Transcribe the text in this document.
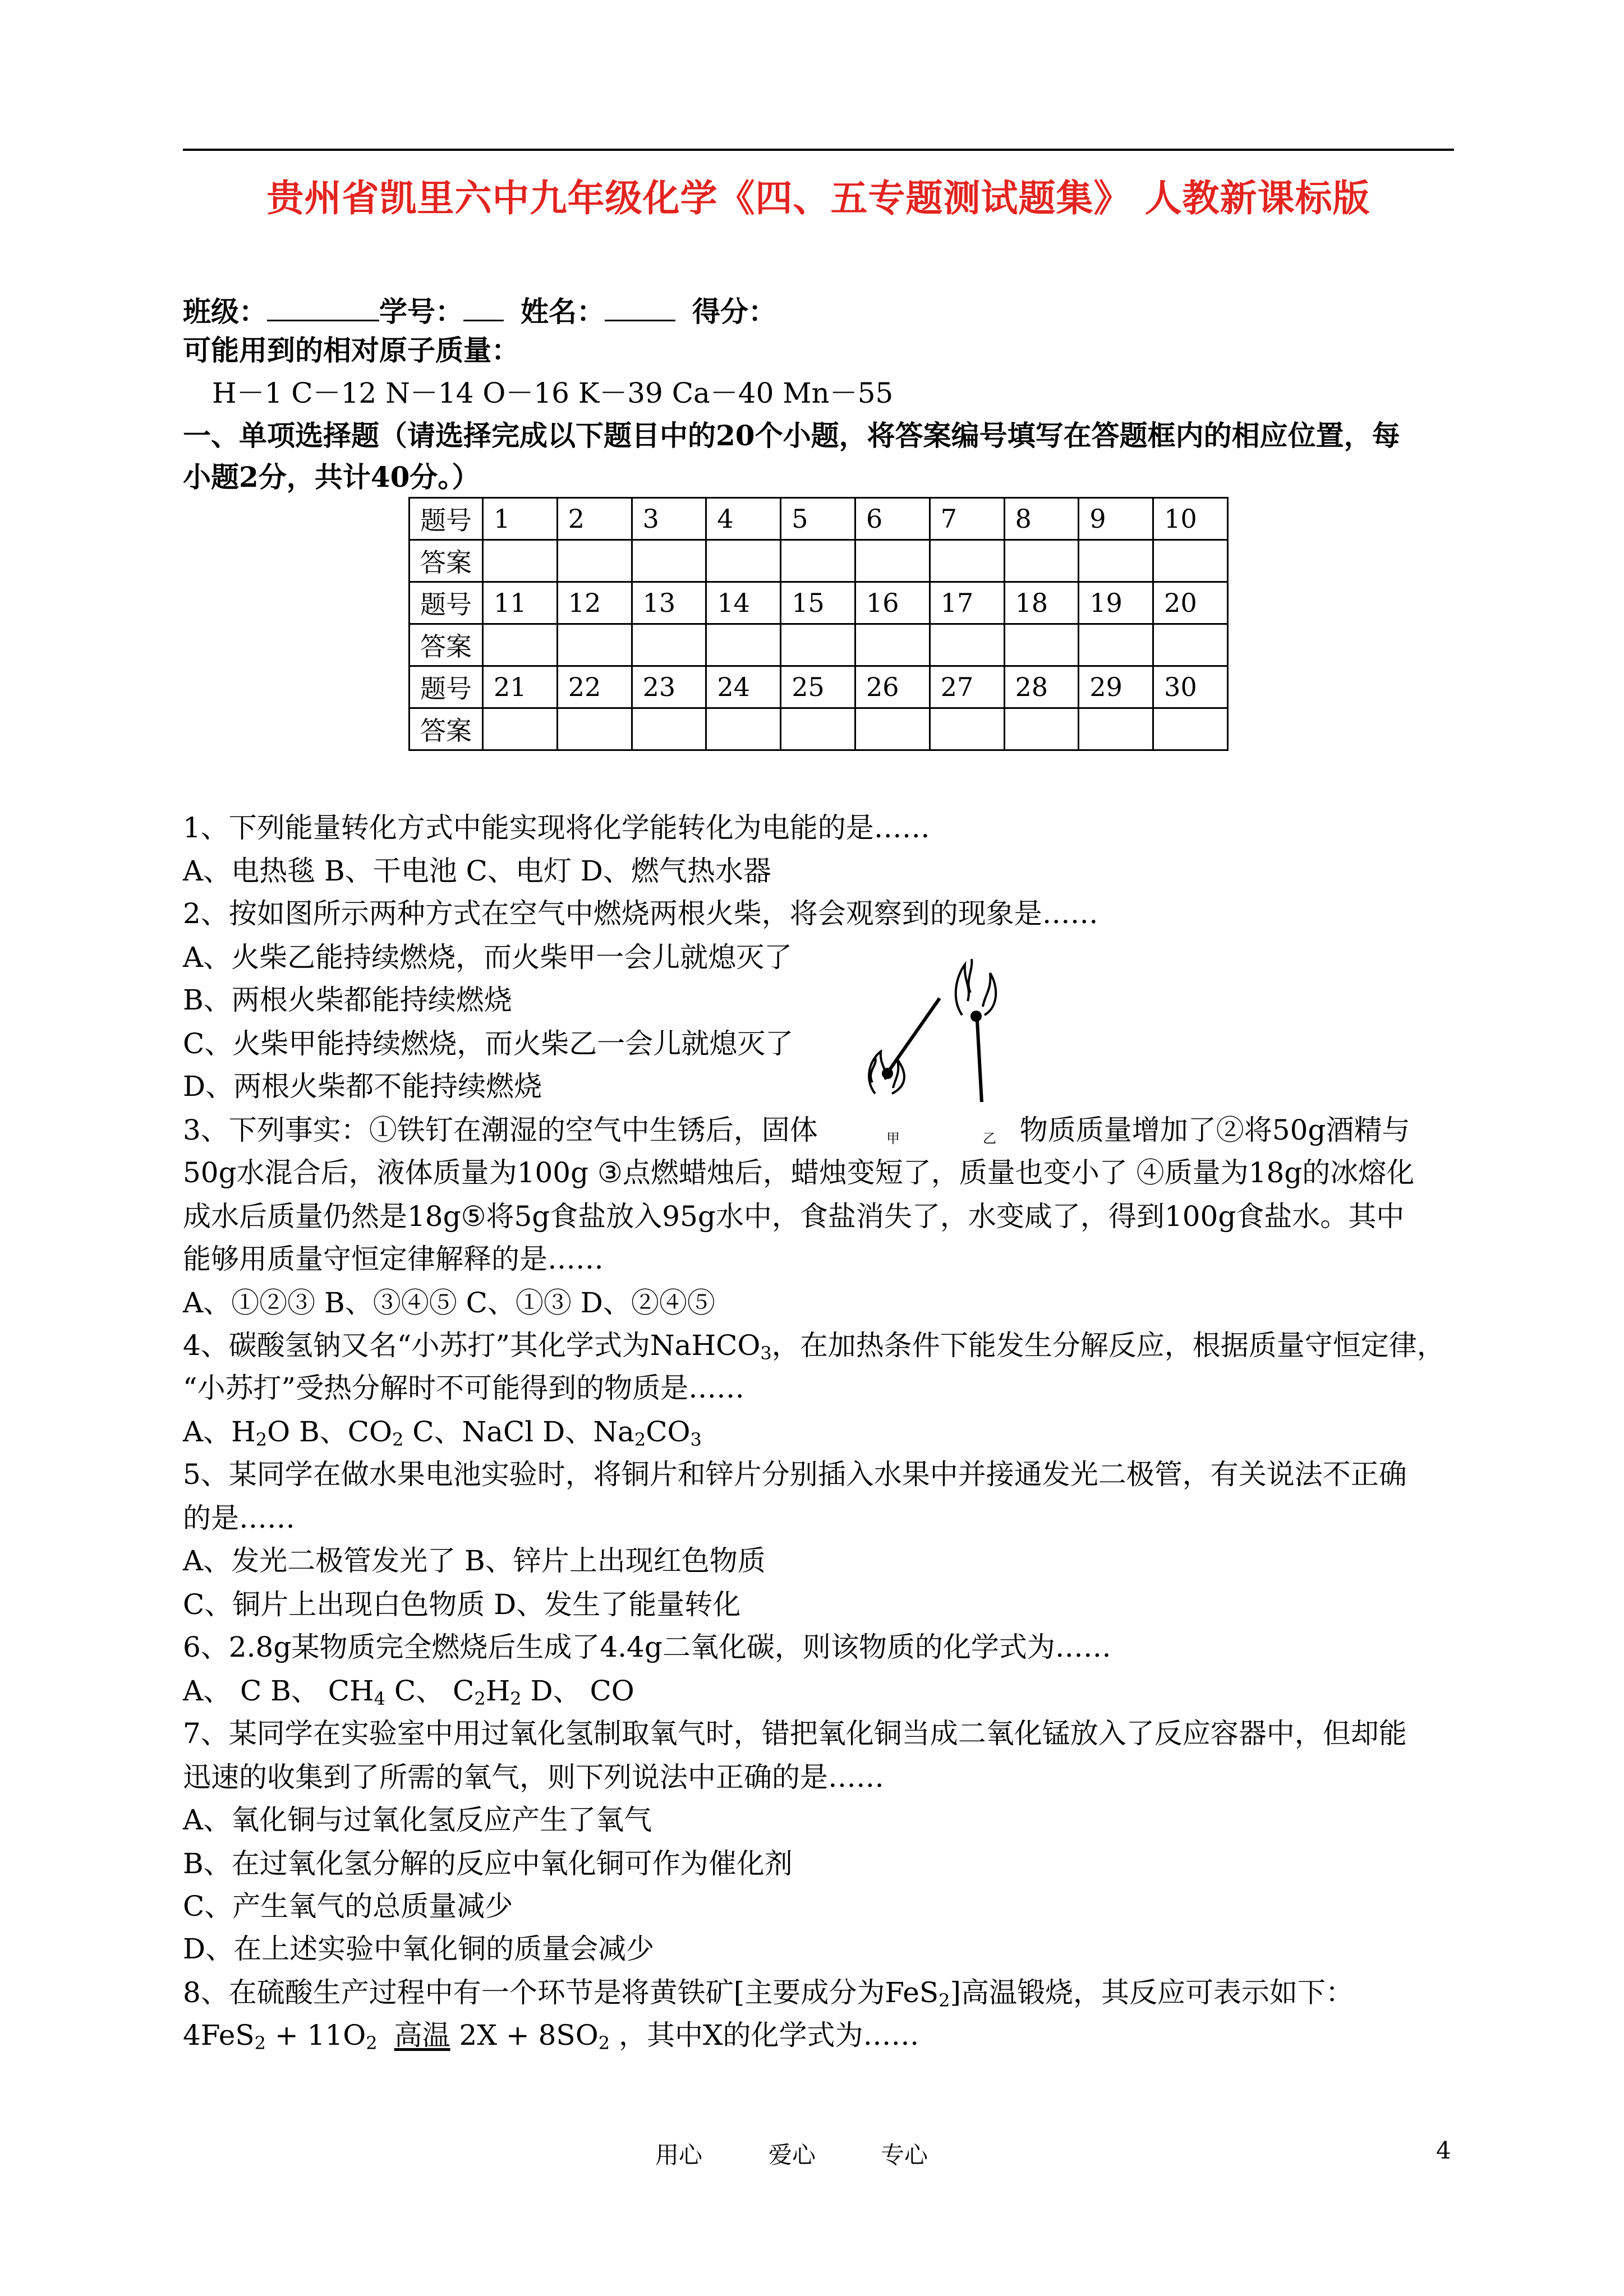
贵州省凯里六中九年级化学《四、五专题测试题集》 人教新课标版
班级：	学号： 姓名：	得分：
可能用到的相对原子质量：
H－1 C－12 N－14 O－16 K－39 Ca－40 Mn－55
一、单项选择题（请选择完成以下题目中的20个小题，将答案编号填写在答题框内的相应位置，每
小题2分，共计40分。）
题号	1	2	3	4	5	6	7	8	9	10
答案										
题号	11	12	13	14	15	16	17	18	19	20
答案										
题号	21	22	23	24	25	26	27	28	29	30
答案										
1、下列能量转化方式中能实现将化学能转化为电能的是……
A、电热毯 B、干电池 C、电灯 D、燃气热水器
2、按如图所示两种方式在空气中燃烧两根火柴，将会观察到的现象是……
A、火柴乙能持续燃烧，而火柴甲一会儿就熄灭了
B、两根火柴都能持续燃烧
C、火柴甲能持续燃烧，而火柴乙一会儿就熄灭了
D、两根火柴都不能持续燃烧
甲	乙
3、下列事实：①铁钉在潮湿的空气中生锈后，固体	物质质量增加了②将50g酒精与
50g水混合后，液体质量为100g ③点燃蜡烛后，蜡烛变短了，质量也变小了 ④质量为18g的冰熔化
成水后质量仍然是18g⑤将5g食盐放入95g水中，食盐消失了，水变咸了，得到100g食盐水。其中
能够用质量守恒定律解释的是……
A、①②③ B、③④⑤ C、①③ D、②④⑤
4、碳酸氢钠又名“小苏打”其化学式为NaHCO$_3$，在加热条件下能发生分解反应，根据质量守恒定律，
“小苏打”受热分解时不可能得到的物质是……
A、$H_2O$ B、$CO_2$ C、NaCl D、$Na_2CO_3$
5、某同学在做水果电池实验时，将铜片和锌片分别插入水果中并接通发光二极管，有关说法不正确
的是……
A、发光二极管发光了 B、锌片上出现红色物质
C、铜片上出现白色物质 D、发生了能量转化
6、2.8g某物质完全燃烧后生成了4.4g二氧化碳，则该物质的化学式为……
A、 C B、 $CH_4$ C、 $C_2H_2$ D、 CO
7、某同学在实验室中用过氧化氢制取氧气时，错把氧化铜当成二氧化锰放入了反应容器中，但却能
迅速的收集到了所需的氧气，则下列说法中正确的是……
A、氧化铜与过氧化氢反应产生了氧气
B、在过氧化氢分解的反应中氧化铜可作为催化剂
C、产生氧气的总质量减少
D、在上述实验中氧化铜的质量会减少
8、在硫酸生产过程中有一个环节是将黄铁矿[主要成分为FeS$_2$]高温锻烧，其反应可表示如下：
$4FeS_2 + 11O_2$ 高温 $2X + 8SO_2$ ，其中X的化学式为……
用心	爱心	专心	4
